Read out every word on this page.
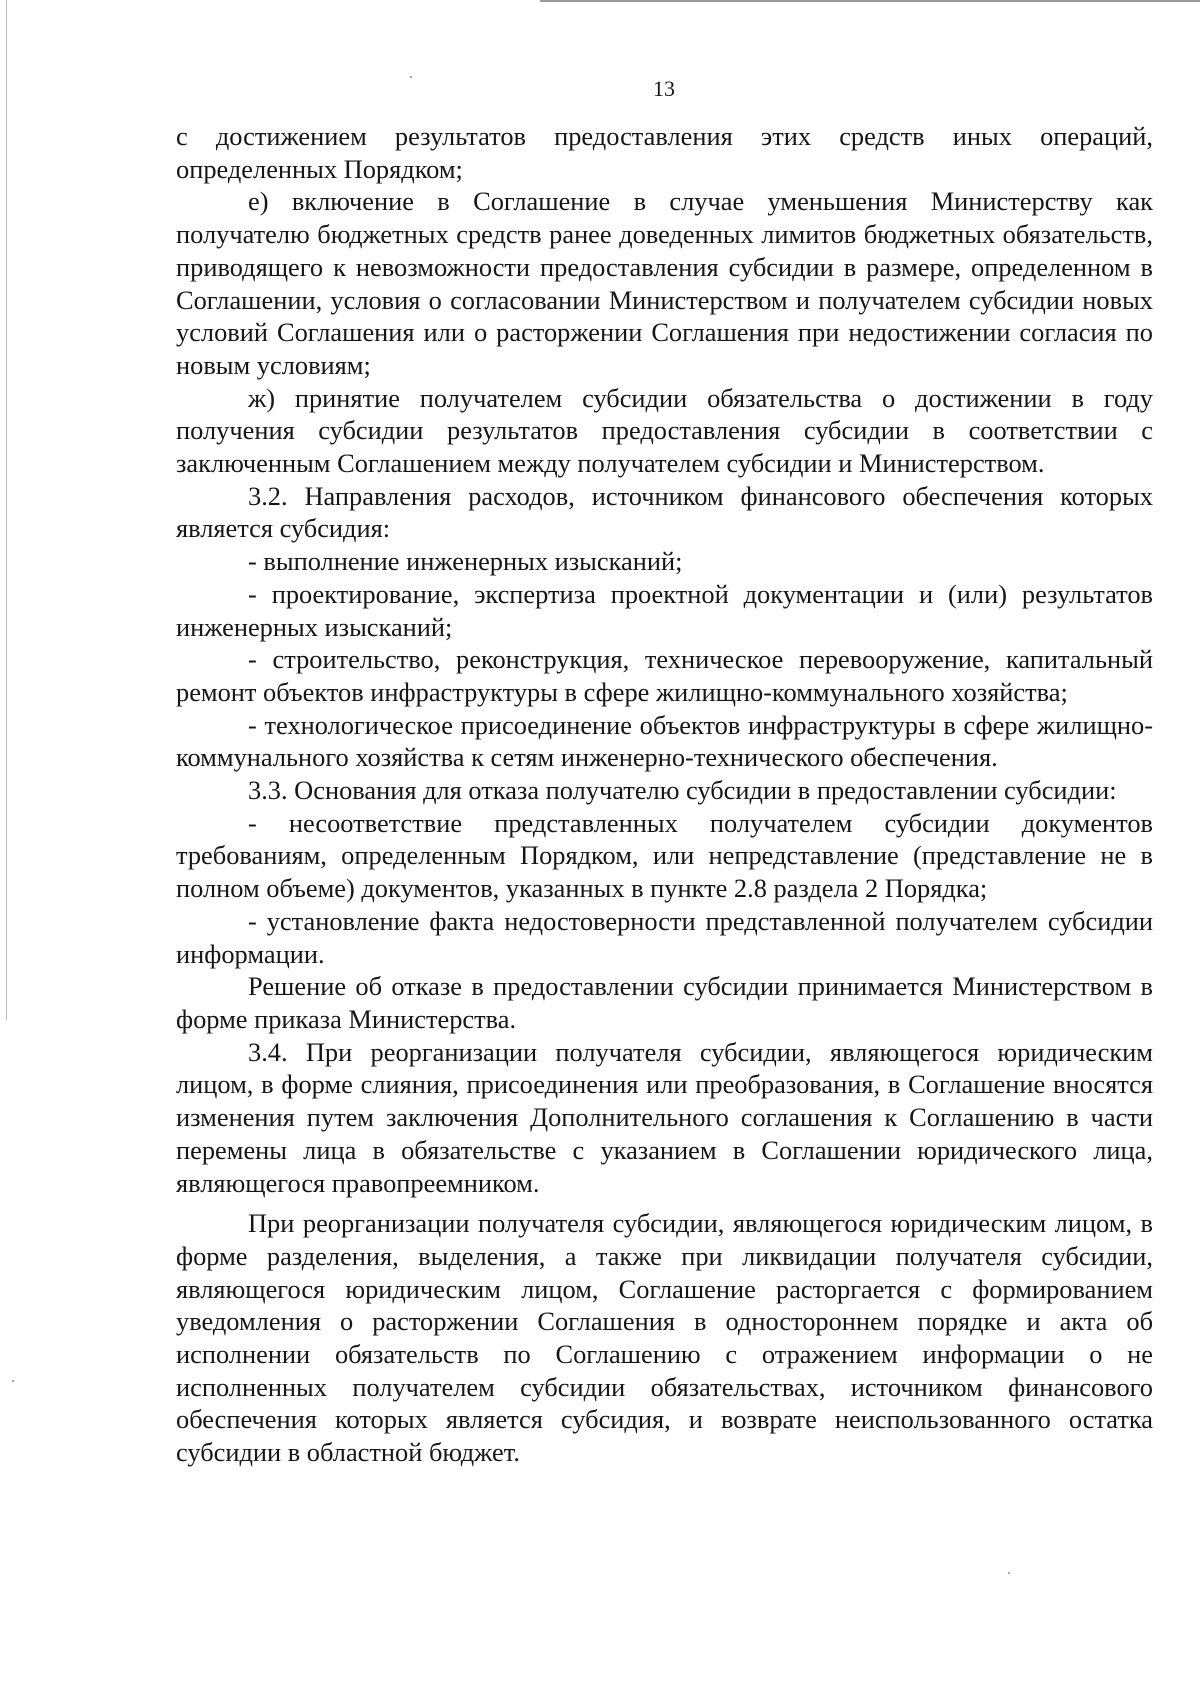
13

с достижением результатов предоставления этих средств иных операций, определенных Порядком;

е) включение в Соглашение в случае уменьшения Министерству как получателю бюджетных средств ранее доведенных лимитов бюджетных обязательств, приводящего к невозможности предоставления субсидии в размере, определенном в Соглашении, условия о согласовании Министерством и получателем субсидии новых условий Соглашения или о расторжении Соглашения при недостижении согласия по новым условиям;

ж) принятие получателем субсидии обязательства о достижении в году получения субсидии результатов предоставления субсидии в соответствии с заключенным Соглашением между получателем субсидии и Министерством.

3.2. Направления расходов, источником финансового обеспечения которых является субсидия:

- выполнение инженерных изысканий;

- проектирование, экспертиза проектной документации и (или) результатов инженерных изысканий;

- строительство, реконструкция, техническое перевооружение, капитальный ремонт объектов инфраструктуры в сфере жилищно-коммунального хозяйства;

- технологическое присоединение объектов инфраструктуры в сфере жилищно-коммунального хозяйства к сетям инженерно-технического обеспечения.

3.3. Основания для отказа получателю субсидии в предоставлении субсидии:

- несоответствие представленных получателем субсидии документов требованиям, определенным Порядком, или непредставление (представление не в полном объеме) документов, указанных в пункте 2.8 раздела 2 Порядка;

- установление факта недостоверности представленной получателем субсидии информации.

Решение об отказе в предоставлении субсидии принимается Министерством в форме приказа Министерства.

3.4. При реорганизации получателя субсидии, являющегося юридическим лицом, в форме слияния, присоединения или преобразования, в Соглашение вносятся изменения путем заключения Дополнительного соглашения к Соглашению в части перемены лица в обязательстве с указанием в Соглашении юридического лица, являющегося правопреемником.

При реорганизации получателя субсидии, являющегося юридическим лицом, в форме разделения, выделения, а также при ликвидации получателя субсидии, являющегося юридическим лицом, Соглашение расторгается с формированием уведомления о расторжении Соглашения в одностороннем порядке и акта об исполнении обязательств по Соглашению с отражением информации о не исполненных получателем субсидии обязательствах, источником финансового обеспечения которых является субсидия, и возврате неиспользованного остатка субсидии в областной бюджет.
